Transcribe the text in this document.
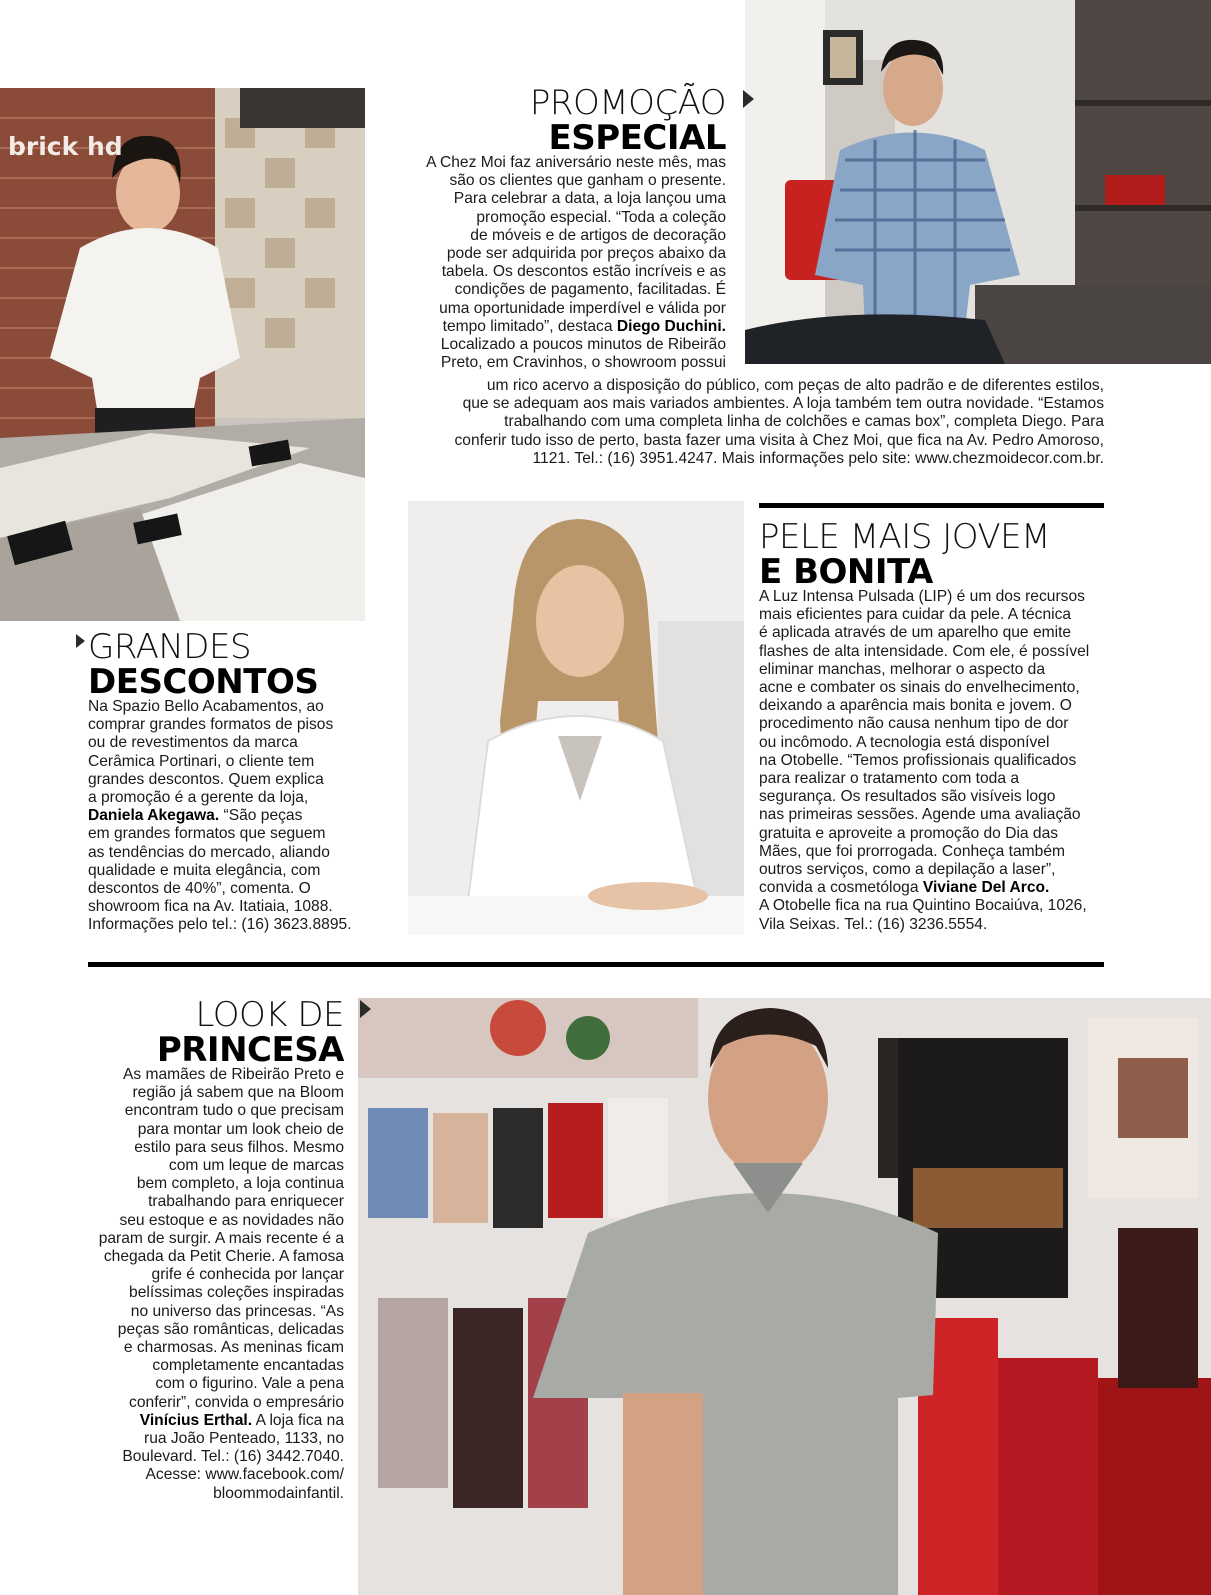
brick hd
PROMOÇÃO
ESPECIAL
A Chez Moi faz aniversário neste mês, mas
são os clientes que ganham o presente.
Para celebrar a data, a loja lançou uma
promoção especial. “Toda a coleção
de móveis e de artigos de decoração
pode ser adquirida por preços abaixo da
tabela. Os descontos estão incríveis e as
condições de pagamento, facilitadas. É
uma oportunidade imperdível e válida por
tempo limitado”, destaca Diego Duchini.
Localizado a poucos minutos de Ribeirão
Preto, em Cravinhos, o showroom possui
um rico acervo a disposição do público, com peças de alto padrão e de diferentes estilos,
que se adequam aos mais variados ambientes. A loja também tem outra novidade. “Estamos
trabalhando com uma completa linha de colchões e camas box”, completa Diego. Para
conferir tudo isso de perto, basta fazer uma visita à Chez Moi, que fica na Av. Pedro Amoroso,
1121. Tel.: (16) 3951.4247. Mais informações pelo site: www.chezmoidecor.com.br.
GRANDES
DESCONTOS
Na Spazio Bello Acabamentos, ao
comprar grandes formatos de pisos
ou de revestimentos da marca
Cerâmica Portinari, o cliente tem
grandes descontos. Quem explica
a promoção é a gerente da loja,
Daniela Akegawa. “São peças
em grandes formatos que seguem
as tendências do mercado, aliando
qualidade e muita elegância, com
descontos de 40%”, comenta. O
showroom fica na Av. Itatiaia, 1088.
Informações pelo tel.: (16) 3623.8895.
PELE MAIS JOVEM
E BONITA
A Luz Intensa Pulsada (LIP) é um dos recursos
mais eficientes para cuidar da pele. A técnica
é aplicada através de um aparelho que emite
flashes de alta intensidade. Com ele, é possível
eliminar manchas, melhorar o aspecto da
acne e combater os sinais do envelhecimento,
deixando a aparência mais bonita e jovem. O
procedimento não causa nenhum tipo de dor
ou incômodo. A tecnologia está disponível
na Otobelle. “Temos profissionais qualificados
para realizar o tratamento com toda a
segurança. Os resultados são visíveis logo
nas primeiras sessões. Agende uma avaliação
gratuita e aproveite a promoção do Dia das
Mães, que foi prorrogada. Conheça também
outros serviços, como a depilação a laser”,
convida a cosmetóloga Viviane Del Arco.
A Otobelle fica na rua Quintino Bocaiúva, 1026,
Vila Seixas. Tel.: (16) 3236.5554.
LOOK DE
PRINCESA
As mamães de Ribeirão Preto e
região já sabem que na Bloom
encontram tudo o que precisam
para montar um look cheio de
estilo para seus filhos. Mesmo
com um leque de marcas
bem completo, a loja continua
trabalhando para enriquecer
seu estoque e as novidades não
param de surgir. A mais recente é a
chegada da Petit Cherie. A famosa
grife é conhecida por lançar
belíssimas coleções inspiradas
no universo das princesas. “As
peças são românticas, delicadas
e charmosas. As meninas ficam
completamente encantadas
com o figurino. Vale a pena
conferir”, convida o empresário
Vinícius Erthal. A loja fica na
rua João Penteado, 1133, no
Boulevard. Tel.: (16) 3442.7040.
Acesse: www.facebook.com/
bloommodainfantil.
